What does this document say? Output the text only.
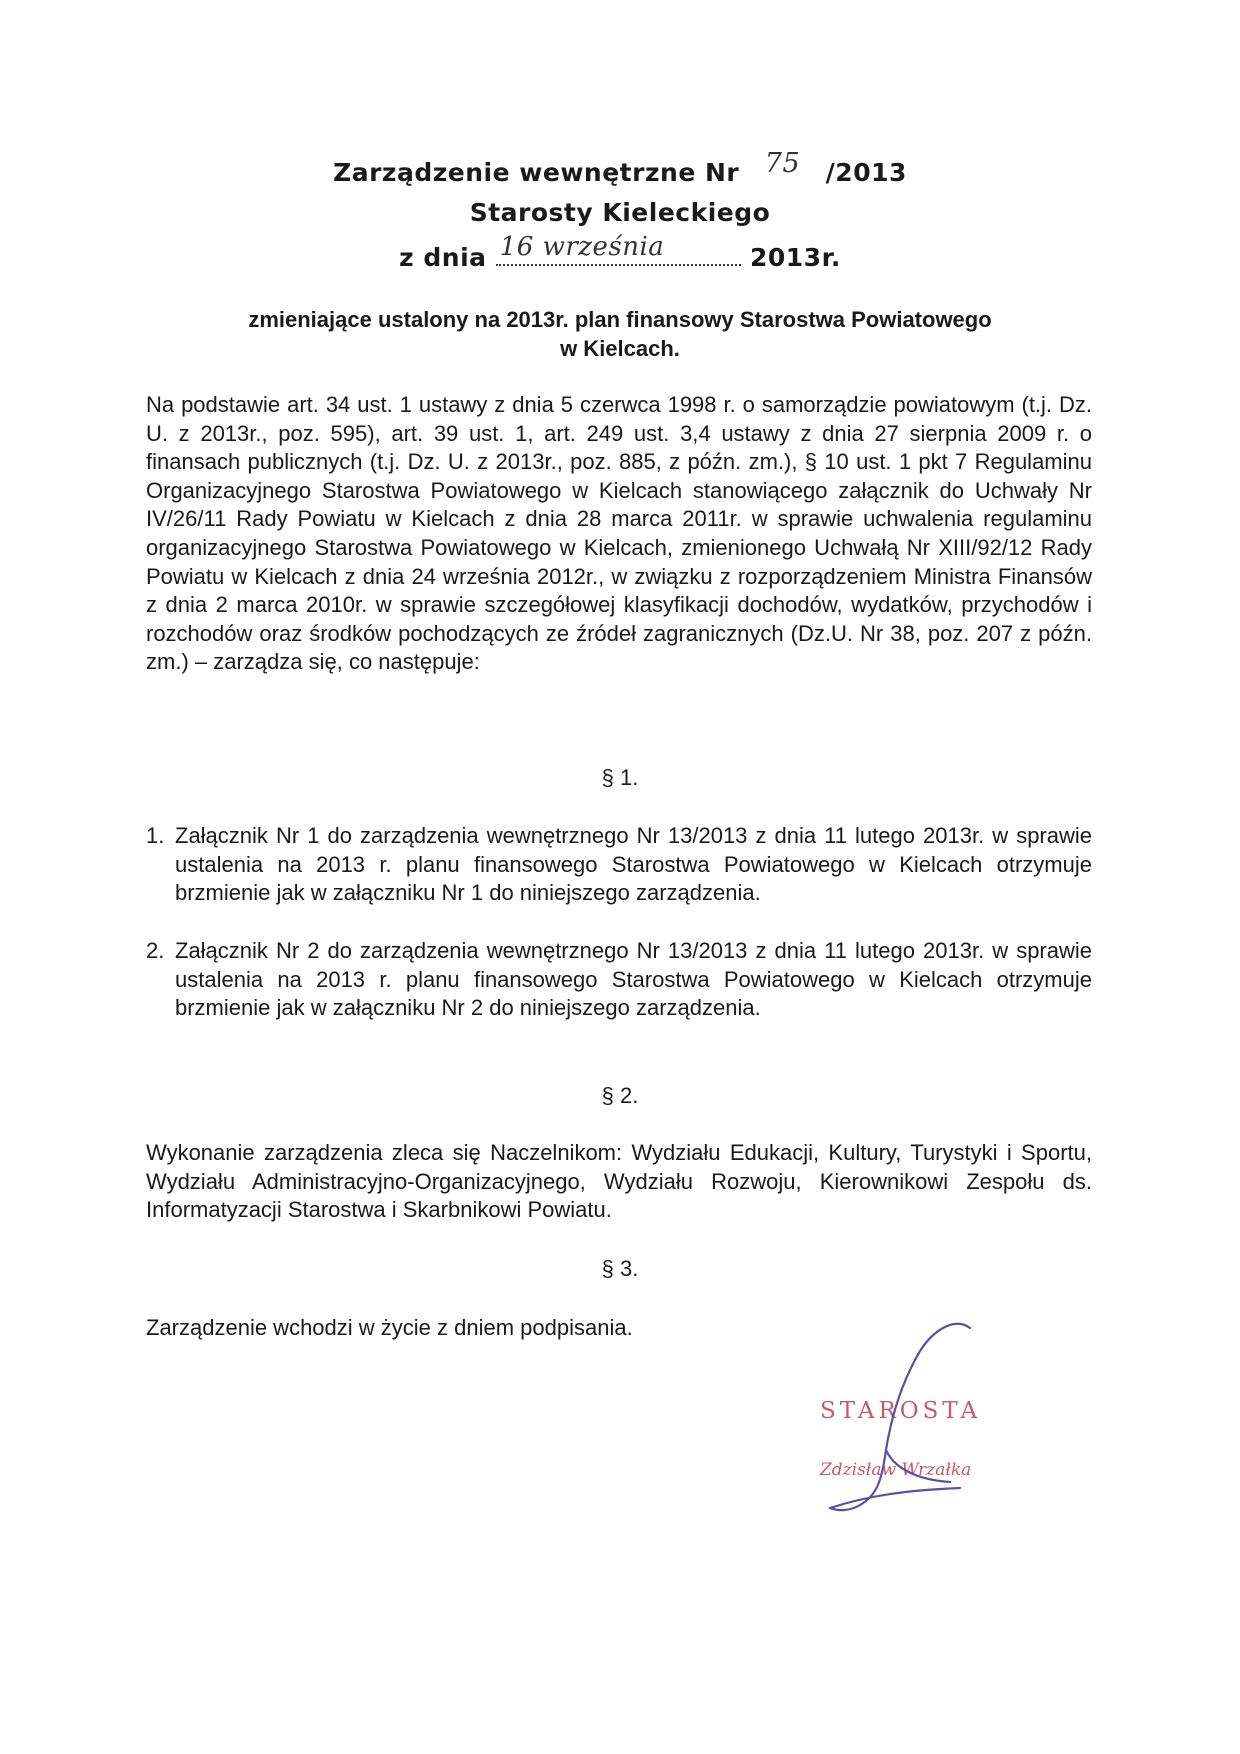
Zarządzenie wewnętrzne Nr 75 /2013
Starosty Kieleckiego
z dnia 16 września	2013r.
zmieniające ustalony na 2013r. plan finansowy Starostwa Powiatowego
w Kielcach.
Na podstawie art. 34 ust. 1 ustawy z dnia 5 czerwca 1998 r. o samorządzie powiatowym (t.j. Dz. U. z 2013r., poz. 595), art. 39 ust. 1, art. 249 ust. 3,4 ustawy z dnia 27 sierpnia 2009 r. o finansach publicznych (t.j. Dz. U. z 2013r., poz. 885, z późn. zm.), § 10 ust. 1 pkt 7 Regulaminu Organizacyjnego Starostwa Powiatowego w Kielcach stanowiącego załącznik do Uchwały Nr IV/26/11 Rady Powiatu w Kielcach z dnia 28 marca 2011r. w sprawie uchwalenia regulaminu organizacyjnego Starostwa Powiatowego w Kielcach, zmienionego Uchwałą Nr XIII/92/12 Rady Powiatu w Kielcach z dnia 24 września 2012r., w związku z rozporządzeniem Ministra Finansów z dnia 2 marca 2010r. w sprawie szczegółowej klasyfikacji dochodów, wydatków, przychodów i rozchodów oraz środków pochodzących ze źródeł zagranicznych (Dz.U. Nr 38, poz. 207 z późn. zm.) – zarządza się, co następuje:
§ 1.
1. Załącznik Nr 1 do zarządzenia wewnętrznego Nr 13/2013 z dnia 11 lutego 2013r. w sprawie ustalenia na 2013 r. planu finansowego Starostwa Powiatowego w Kielcach otrzymuje brzmienie jak w załączniku Nr 1 do niniejszego zarządzenia.
2. Załącznik Nr 2 do zarządzenia wewnętrznego Nr 13/2013 z dnia 11 lutego 2013r. w sprawie ustalenia na 2013 r. planu finansowego Starostwa Powiatowego w Kielcach otrzymuje brzmienie jak w załączniku Nr 2 do niniejszego zarządzenia.
§ 2.
Wykonanie zarządzenia zleca się Naczelnikom: Wydziału Edukacji, Kultury, Turystyki i Sportu, Wydziału Administracyjno-Organizacyjnego, Wydziału Rozwoju, Kierownikowi Zespołu ds. Informatyzacji Starostwa i Skarbnikowi Powiatu.
§ 3.
Zarządzenie wchodzi w życie z dniem podpisania.
STAROSTA
Zdzisław Wrzałka
